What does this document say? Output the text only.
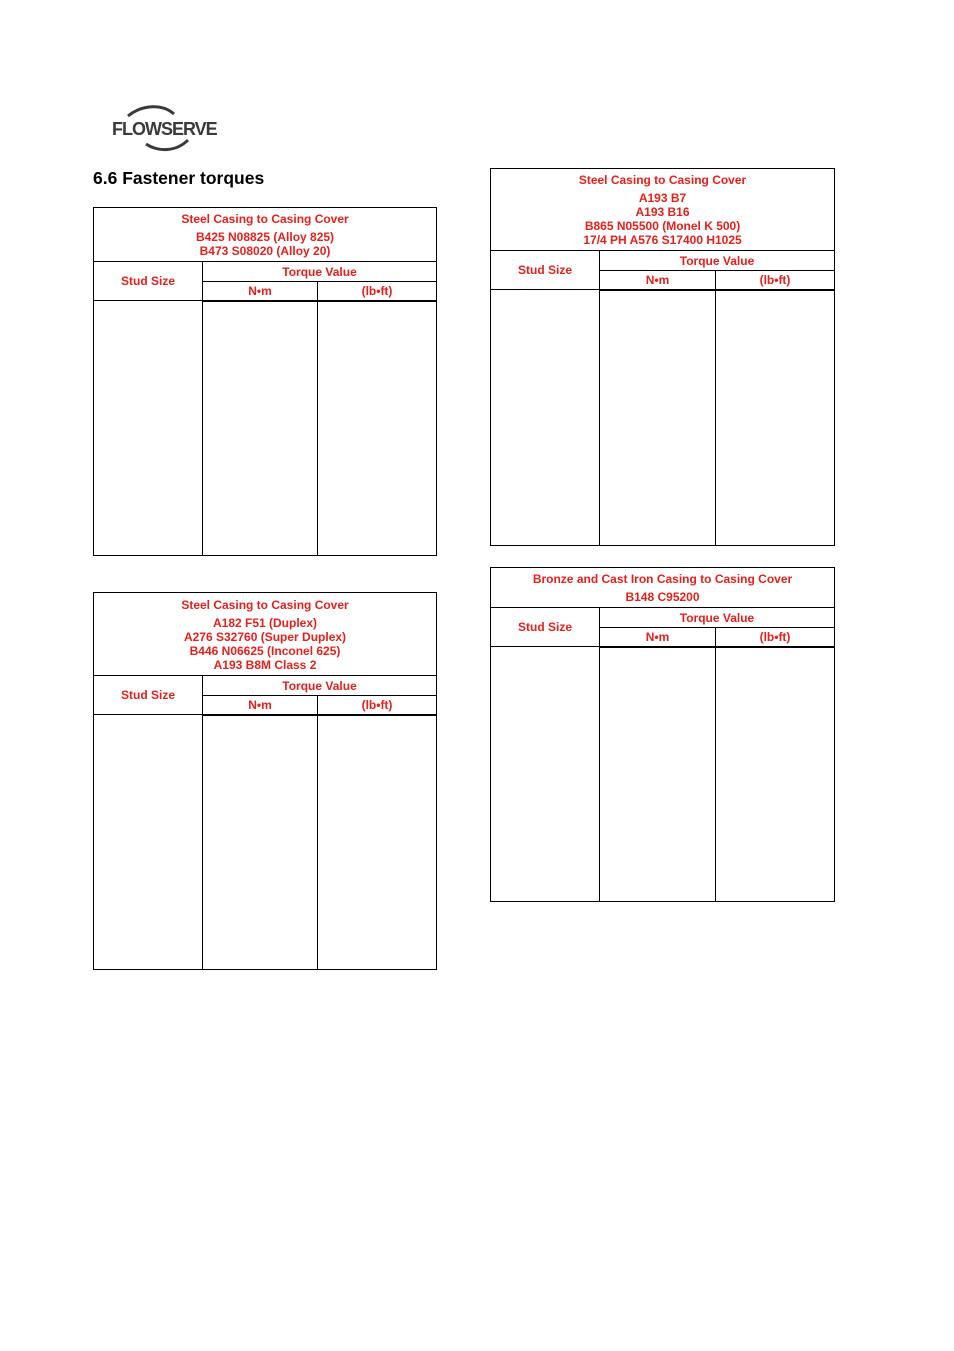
FLOWSERVE
6.6 Fastener torques
Steel Casing to Casing Cover
B425 N08825 (Alloy 825)
B473 S08020 (Alloy 20)		

Stud Size	Torque Value	
	N•m	(lb•ft)

Steel Casing to Casing Cover
A182 F51 (Duplex)
A276 S32760 (Super Duplex)
B446 N06625 (Inconel 625)
A193 B8M Class 2		

Stud Size	Torque Value	
	N•m	(lb•ft)

Steel Casing to Casing Cover
A193 B7
A193 B16
B865 N05500 (Monel K 500)
17/4 PH A576 S17400 H1025		

Stud Size	Torque Value	
	N•m	(lb•ft)

Bronze and Cast Iron Casing to Casing Cover
B148 C95200		

Stud Size	Torque Value	
	N•m	(lb•ft)
